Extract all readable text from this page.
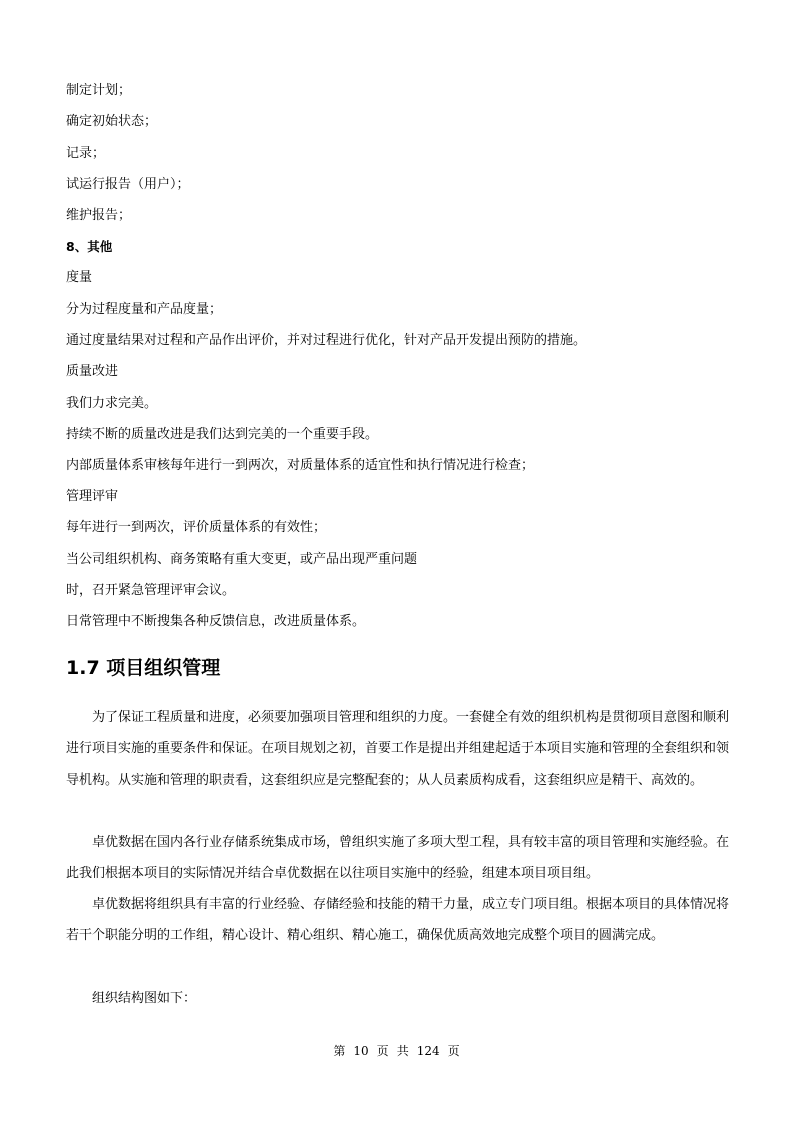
制定计划；
确定初始状态；
记录；
试运行报告（用户）；
维护报告；
8、其他
度量
分为过程度量和产品度量；
通过度量结果对过程和产品作出评价，并对过程进行优化，针对产品开发提出预防的措施。
质量改进
我们力求完美。
持续不断的质量改进是我们达到完美的一个重要手段。
内部质量体系审核每年进行一到两次，对质量体系的适宜性和执行情况进行检查；
管理评审
每年进行一到两次，评价质量体系的有效性；
当公司组织机构、商务策略有重大变更，或产品出现严重问题
时，召开紧急管理评审会议。
日常管理中不断搜集各种反馈信息，改进质量体系。
1.7 项目组织管理
为了保证工程质量和进度，必须要加强项目管理和组织的力度。一套健全有效的组织机构是贯彻项目意图和顺利进行项目实施的重要条件和保证。在项目规划之初，首要工作是提出并组建起适于本项目实施和管理的全套组织和领导机构。从实施和管理的职责看，这套组织应是完整配套的；从人员素质构成看，这套组织应是精干、高效的。
卓优数据在国内各行业存储系统集成市场，曾组织实施了多项大型工程，具有较丰富的项目管理和实施经验。在此我们根据本项目的实际情况并结合卓优数据在以往项目实施中的经验，组建本项目项目组。
卓优数据将组织具有丰富的行业经验、存储经验和技能的精干力量，成立专门项目组。根据本项目的具体情况将若干个职能分明的工作组，精心设计、精心组织、精心施工，确保优质高效地完成整个项目的圆满完成。
组织结构图如下：
第 10 页 共 124 页
